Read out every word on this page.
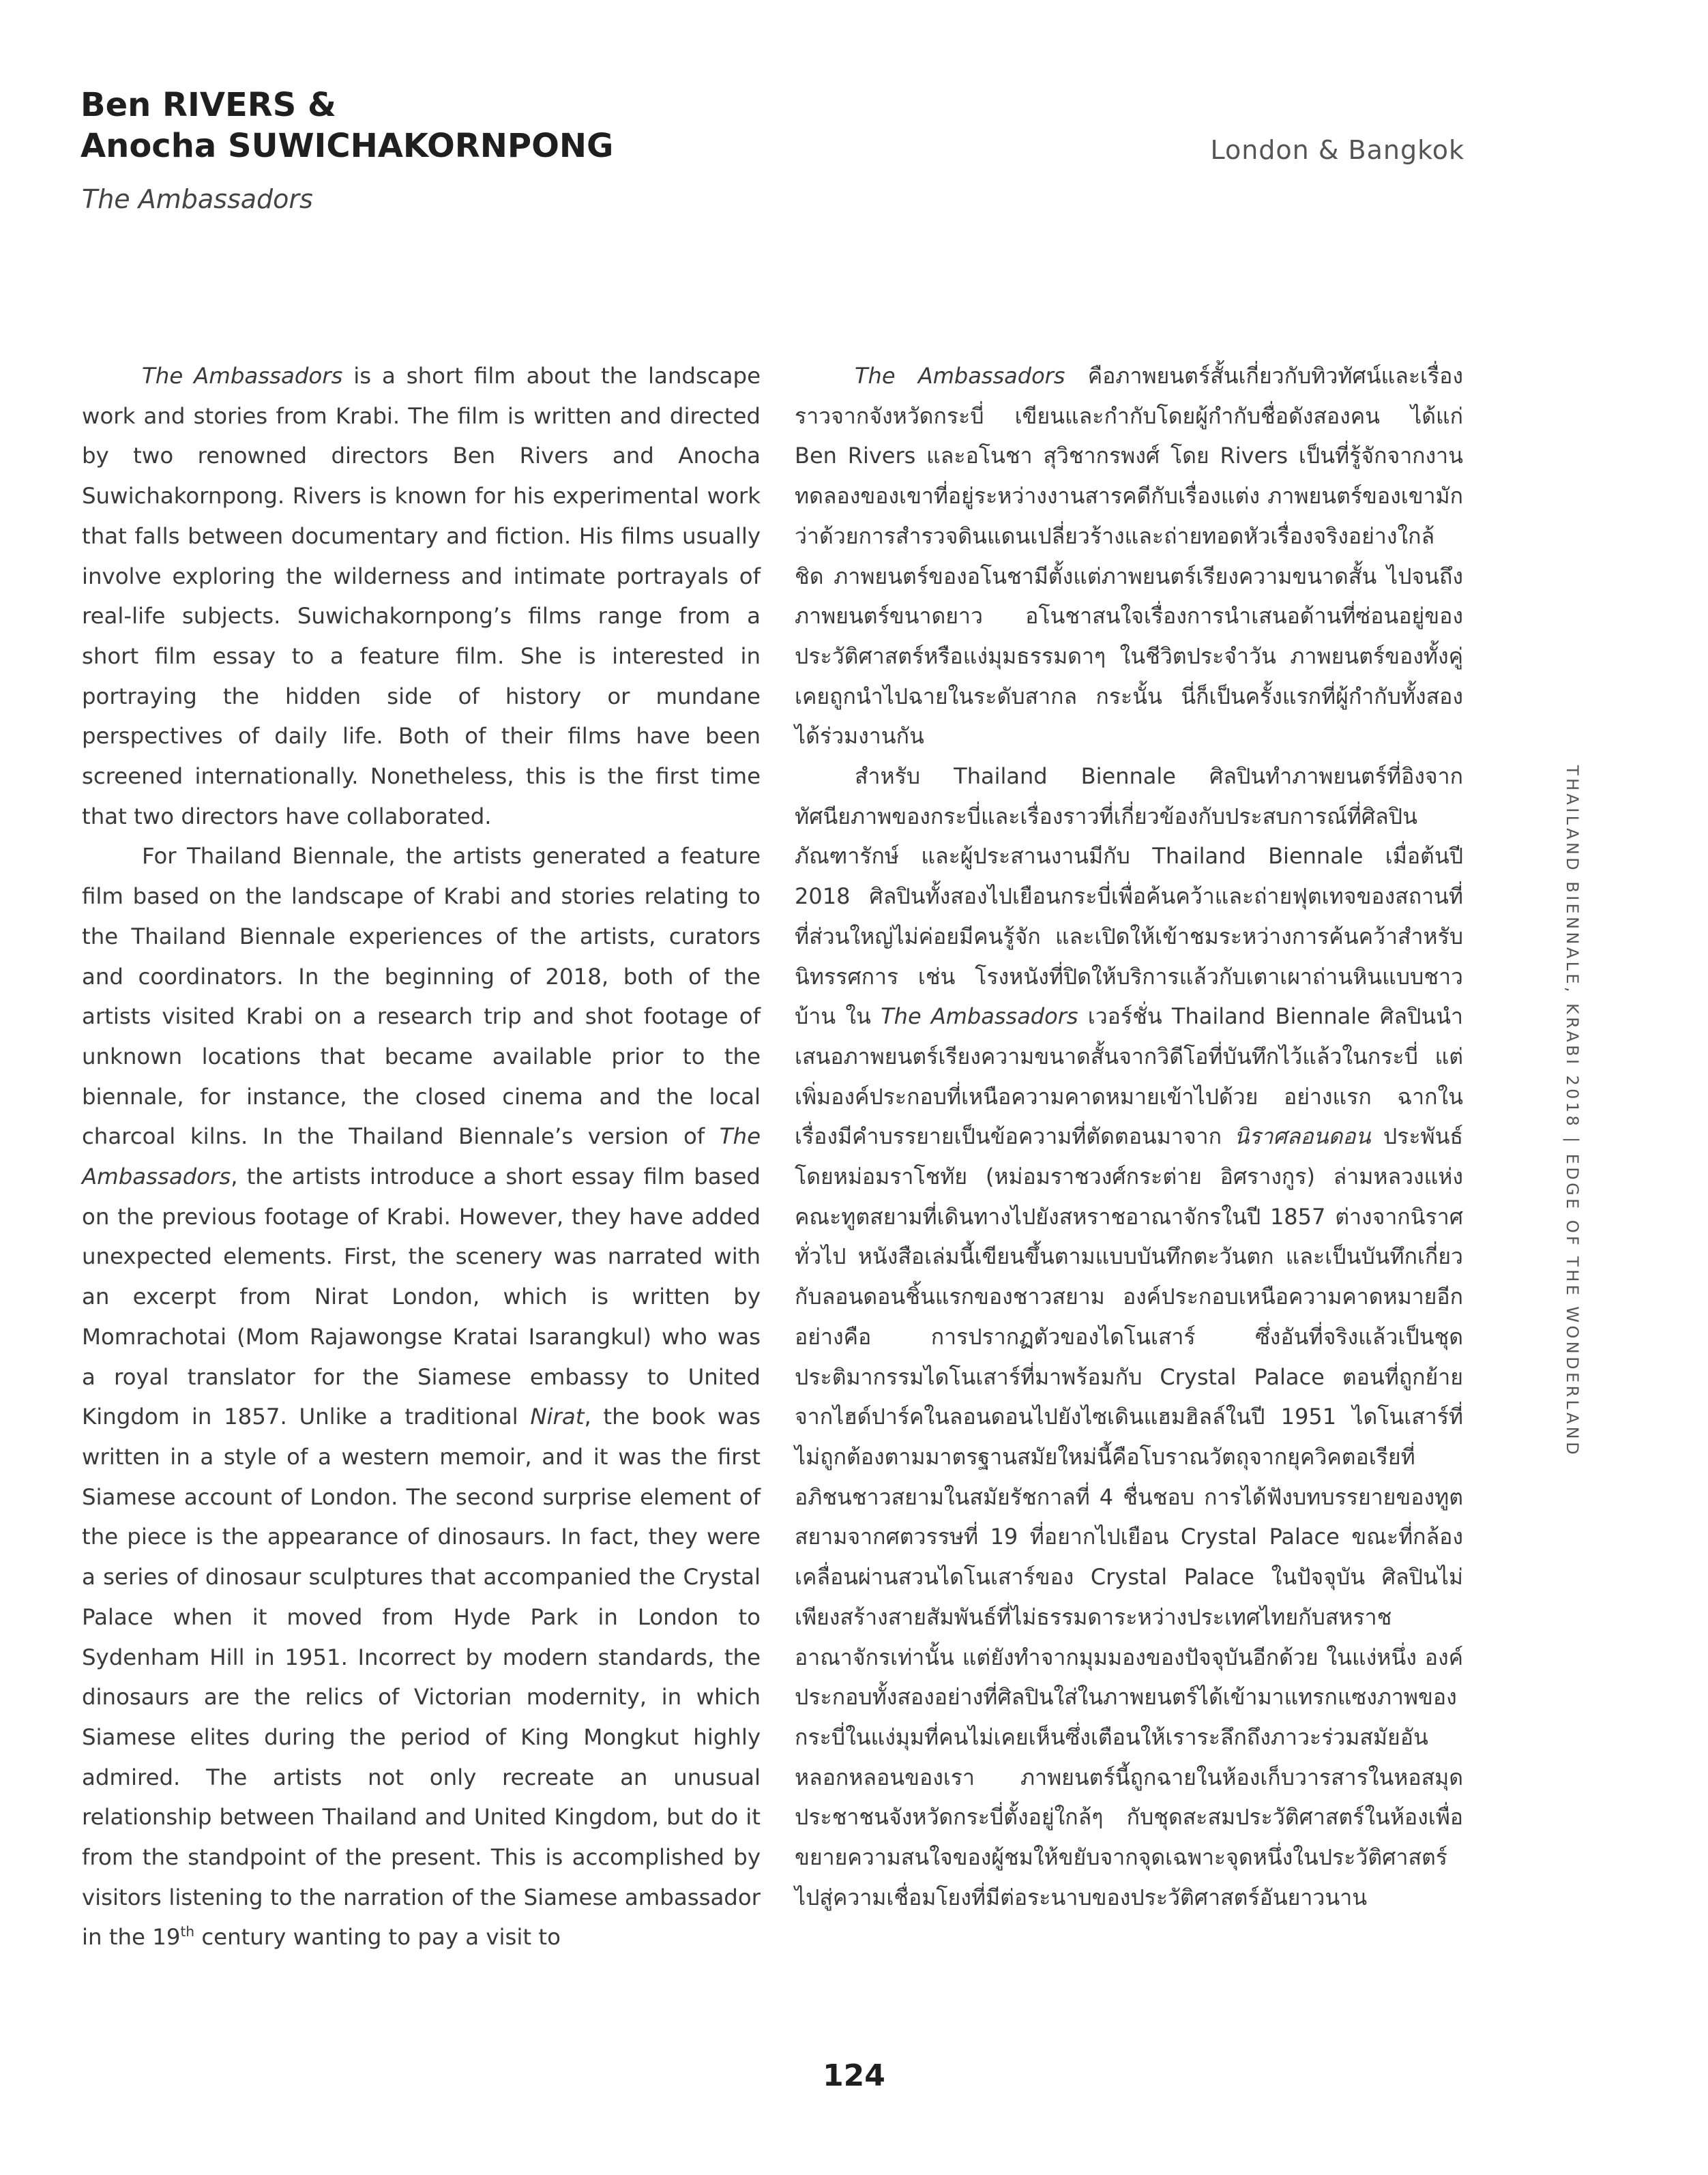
Ben RIVERS &
Anocha SUWICHAKORNPONG
The Ambassadors
London & Bangkok

The Ambassadors is a short film about the landscape work and stories from Krabi. The film is written and directed by two renowned directors Ben Rivers and Anocha Suwichakornpong. Rivers is known for his experimental work that falls between documentary and fiction. His films usually involve exploring the wilderness and intimate portrayals of real-life subjects. Suwichakornpong’s films range from a short film essay to a feature film. She is interested in portraying the hidden side of history or mundane perspectives of daily life. Both of their films have been screened internationally. Nonetheless, this is the first time that two directors have collaborated.

For Thailand Biennale, the artists generated a feature film based on the landscape of Krabi and stories relating to the Thailand Biennale experiences of the artists, curators and coordinators. In the beginning of 2018, both of the artists visited Krabi on a research trip and shot footage of unknown locations that became available prior to the biennale, for instance, the closed cinema and the local charcoal kilns. In the Thailand Biennale’s version of The Ambassadors, the artists introduce a short essay film based on the previous footage of Krabi. However, they have added unexpected elements. First, the scenery was narrated with an excerpt from Nirat London, which is written by Momrachotai (Mom Rajawongse Kratai Isarangkul) who was a royal translator for the Siamese embassy to United Kingdom in 1857. Unlike a traditional Nirat, the book was written in a style of a western memoir, and it was the first Siamese account of London. The second surprise element of the piece is the appearance of dinosaurs. In fact, they were a series of dinosaur sculptures that accompanied the Crystal Palace when it moved from Hyde Park in London to Sydenham Hill in 1951. Incorrect by modern standards, the dinosaurs are the relics of Victorian modernity, in which Siamese elites during the period of King Mongkut highly admired. The artists not only recreate an unusual relationship between Thailand and United Kingdom, but do it from the standpoint of the present. This is accomplished by visitors listening to the narration of the Siamese ambassador in the 19th century wanting to pay a visit to

The Ambassadors คือภาพยนตร์สั้นเกี่ยวกับทิวทัศน์และเรื่องราวจากจังหวัดกระบี่ เขียนและกำกับโดยผู้กำกับชื่อดังสองคน ได้แก่ Ben Rivers และอโนชา สุวิชากรพงศ์ โดย Rivers เป็นที่รู้จักจากงานทดลองของเขาที่อยู่ระหว่างงานสารคดีกับเรื่องแต่ง ภาพยนตร์ของเขามักว่าด้วยการสำรวจดินแดนเปลี่ยวร้างและถ่ายทอดหัวเรื่องจริงอย่างใกล้ชิด ภาพยนตร์ของอโนชามีตั้งแต่ภาพยนตร์เรียงความขนาดสั้น ไปจนถึงภาพยนตร์ขนาดยาว อโนชาสนใจเรื่องการนำเสนอด้านที่ซ่อนอยู่ของประวัติศาสตร์หรือแง่มุมธรรมดาๆ ในชีวิตประจำวัน ภาพยนตร์ของทั้งคู่เคยถูกนำไปฉายในระดับสากล กระนั้น นี่ก็เป็นครั้งแรกที่ผู้กำกับทั้งสองได้ร่วมงานกัน

สำหรับ Thailand Biennale ศิลปินทำภาพยนตร์ที่อิงจากทัศนียภาพของกระบี่และเรื่องราวที่เกี่ยวข้องกับประสบการณ์ที่ศิลปิน ภัณฑารักษ์ และผู้ประสานงานมีกับ Thailand Biennale เมื่อต้นปี 2018 ศิลปินทั้งสองไปเยือนกระบี่เพื่อค้นคว้าและถ่ายฟุตเทจของสถานที่ที่ส่วนใหญ่ไม่ค่อยมีคนรู้จัก และเปิดให้เข้าชมระหว่างการค้นคว้าสำหรับนิทรรศการ เช่น โรงหนังที่ปิดให้บริการแล้วกับเตาเผาถ่านหินแบบชาวบ้าน ใน The Ambassadors เวอร์ชั่น Thailand Biennale ศิลปินนำเสนอภาพยนตร์เรียงความขนาดสั้นจากวิดีโอที่บันทึกไว้แล้วในกระบี่ แต่เพิ่มองค์ประกอบที่เหนือความคาดหมายเข้าไปด้วย อย่างแรก ฉากในเรื่องมีคำบรรยายเป็นข้อความที่ตัดตอนมาจาก นิราศลอนดอน ประพันธ์โดยหม่อมราโชทัย (หม่อมราชวงศ์กระต่าย อิศรางกูร) ล่ามหลวงแห่งคณะทูตสยามที่เดินทางไปยังสหราชอาณาจักรในปี 1857 ต่างจากนิราศทั่วไป หนังสือเล่มนี้เขียนขึ้นตามแบบบันทึกตะวันตก และเป็นบันทึกเกี่ยวกับลอนดอนชิ้นแรกของชาวสยาม องค์ประกอบเหนือความคาดหมายอีกอย่างคือ การปรากฏตัวของไดโนเสาร์ ซึ่งอันที่จริงแล้วเป็นชุดประติมากรรมไดโนเสาร์ที่มาพร้อมกับ Crystal Palace ตอนที่ถูกย้ายจากไฮด์ปาร์คในลอนดอนไปยังไซเดินแฮมฮิลล์ในปี 1951 ไดโนเสาร์ที่ไม่ถูกต้องตามมาตรฐานสมัยใหม่นี้คือโบราณวัตถุจากยุควิคตอเรียที่อภิชนชาวสยามในสมัยรัชกาลที่ 4 ชื่นชอบ การได้ฟังบทบรรยายของทูตสยามจากศตวรรษที่ 19 ที่อยากไปเยือน Crystal Palace ขณะที่กล้องเคลื่อนผ่านสวนไดโนเสาร์ของ Crystal Palace ในปัจจุบัน ศิลปินไม่เพียงสร้างสายสัมพันธ์ที่ไม่ธรรมดาระหว่างประเทศไทยกับสหราชอาณาจักรเท่านั้น แต่ยังทำจากมุมมองของปัจจุบันอีกด้วย ในแง่หนึ่ง องค์ประกอบทั้งสองอย่างที่ศิลปินใส่ในภาพยนตร์ได้เข้ามาแทรกแซงภาพของกระบี่ในแง่มุมที่คนไม่เคยเห็นซึ่งเตือนให้เราระลึกถึงภาวะร่วมสมัยอันหลอกหลอนของเรา ภาพยนตร์นี้ถูกฉายในห้องเก็บวารสารในหอสมุดประชาชนจังหวัดกระบี่ตั้งอยู่ใกล้ๆ กับชุดสะสมประวัติศาสตร์ในห้องเพื่อขยายความสนใจของผู้ชมให้ขยับจากจุดเฉพาะจุดหนึ่งในประวัติศาสตร์ไปสู่ความเชื่อมโยงที่มีต่อระนาบของประวัติศาสตร์อันยาวนาน

THAILAND BIENNALE, KRABI 2018 | EDGE OF THE WONDERLAND
124
